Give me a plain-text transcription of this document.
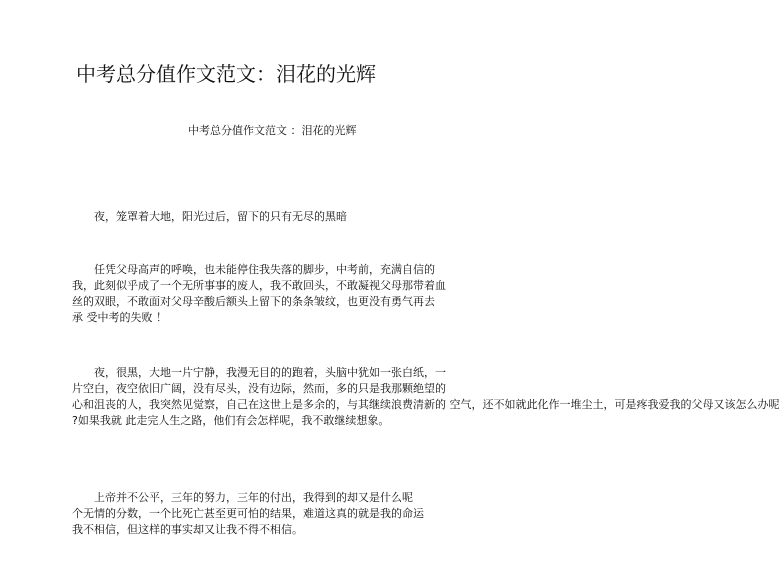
中考总分值作文范文：泪花的光辉
中考总分值作文范文 ：泪花的光辉
　　夜，笼罩着大地，阳光过后，留下的只有无尽的黑暗
　　任凭父母高声的呼唤，也未能停住我失落的脚步，中考前，充满自信的
我，此刻似乎成了一个无所事事的废人，我不敢回头，不敢凝视父母那带着血
丝的双眼，不敢面对父母辛酸后额头上留下的条条皱纹，也更没有勇气再去
承 受中考的失败 ！
　　夜，很黑，大地一片宁静，我漫无目的的跑着，头脑中犹如一张白纸，一
片空白，夜空依旧广阔，没有尽头，没有边际，然而，多的只是我那颗绝望的
心和沮丧的人，我突然见觉察，自己在这世上是多余的，与其继续浪费清新的 空气，还不如就此化作一堆尘土，可是疼我爱我的父母又该怎么办呢
?如果我就 此走完人生之路，他们有会怎样呢，我不敢继续想象。
　　上帝并不公平，三年的努力，三年的付出，我得到的却又是什么呢
个无情的分数，一个比死亡甚至更可怕的结果，难道这真的就是我的命运
我不相信，但这样的事实却又让我不得不相信。
